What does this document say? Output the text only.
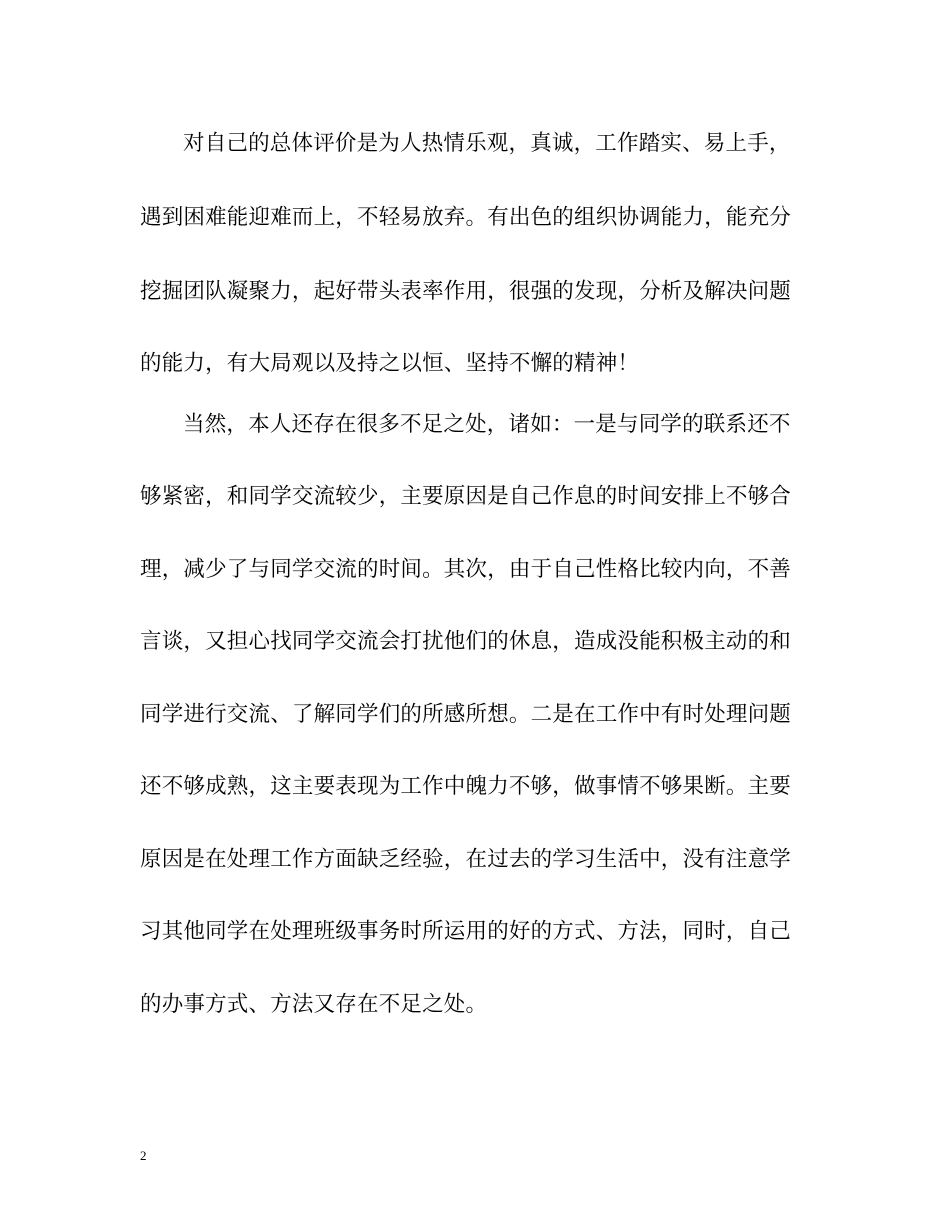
对自己的总体评价是为人热情乐观，真诚，工作踏实、易上手，
遇到困难能迎难而上，不轻易放弃。有出色的组织协调能力，能充分
挖掘团队凝聚力，起好带头表率作用，很强的发现，分析及解决问题
的能力，有大局观以及持之以恒、坚持不懈的精神！
当然，本人还存在很多不足之处，诸如：一是与同学的联系还不
够紧密，和同学交流较少，主要原因是自己作息的时间安排上不够合
理，减少了与同学交流的时间。其次，由于自己性格比较内向，不善
言谈，又担心找同学交流会打扰他们的休息，造成没能积极主动的和
同学进行交流、了解同学们的所感所想。二是在工作中有时处理问题
还不够成熟，这主要表现为工作中魄力不够，做事情不够果断。主要
原因是在处理工作方面缺乏经验，在过去的学习生活中，没有注意学
习其他同学在处理班级事务时所运用的好的方式、方法，同时，自己
的办事方式、方法又存在不足之处。
2
